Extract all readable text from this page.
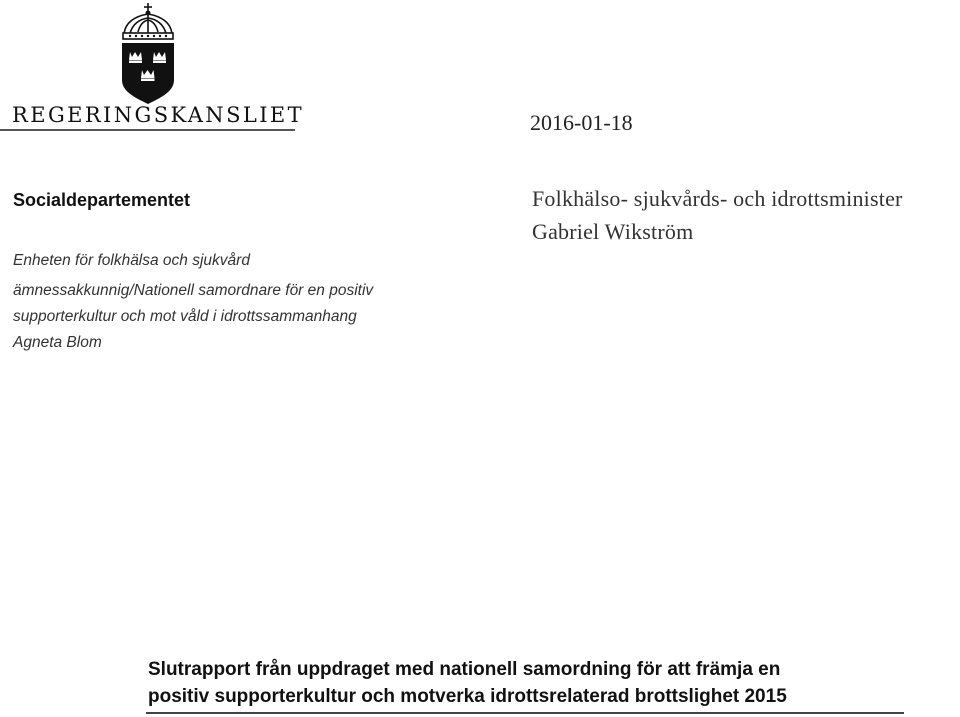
REGERINGSKANSLIET	2016-01-18
Socialdepartementet
Enheten för folkhälsa och sjukvård
ämnessakkunnig/Nationell samordnare för en positiv
supporterkultur och mot våld i idrottssammanhang
Agneta Blom
Folkhälso- sjukvårds- och idrottsminister
Gabriel Wikström
Slutrapport från uppdraget med nationell samordning för att främja en
positiv supporterkultur och motverka idrottsrelaterad brottslighet 2015
